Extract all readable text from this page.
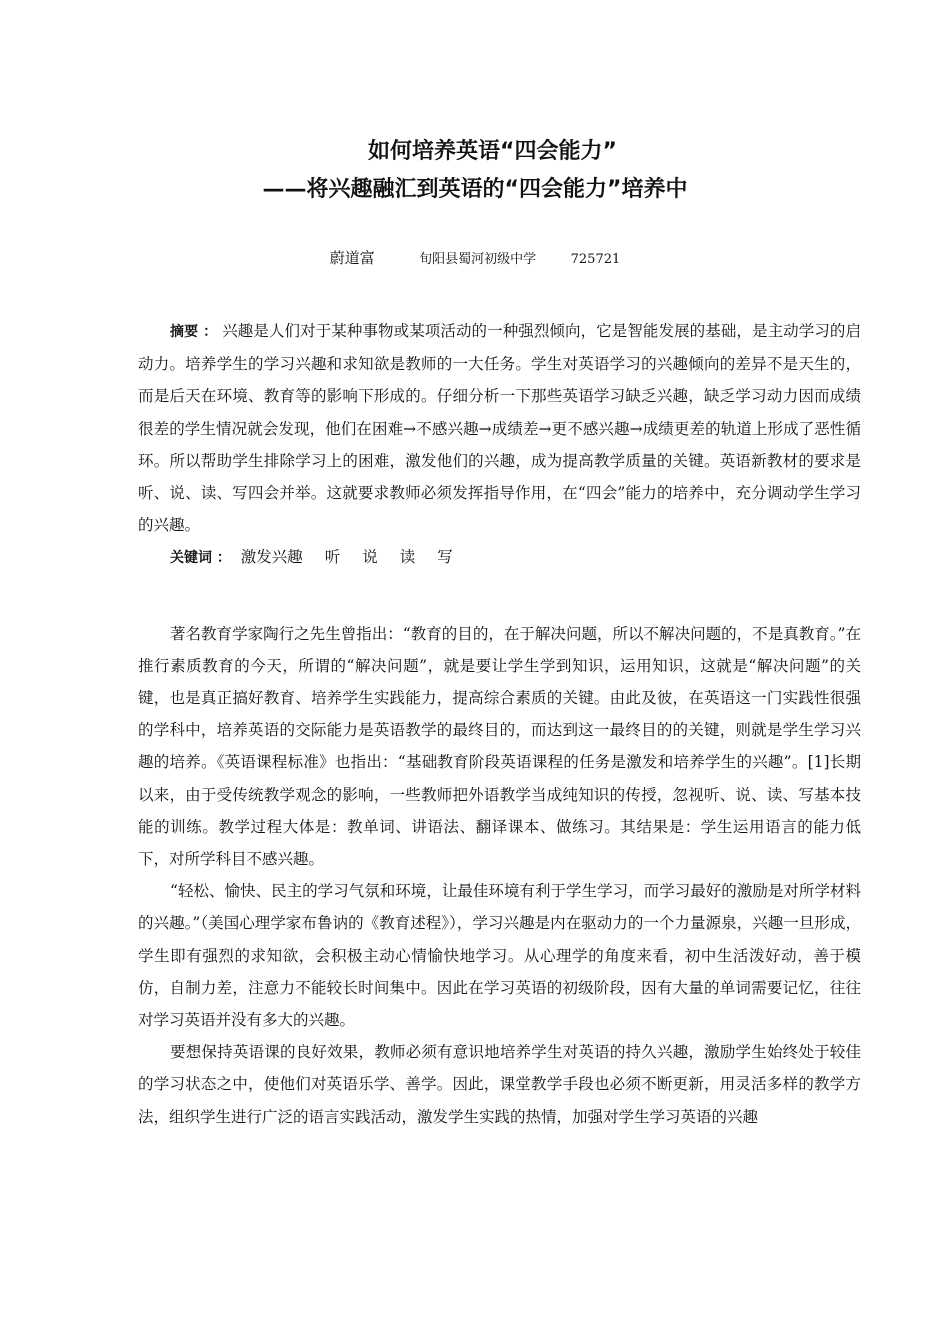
如何培养英语“四会能力”
——将兴趣融汇到英语的“四会能力”培养中
蔚道富	旬阳县蜀河初级中学	725721

摘要 ： 兴趣是人们对于某种事物或某项活动的一种强烈倾向，它是智能发展的基础，是主动学习的启动力。培养学生的学习兴趣和求知欲是教师的一大任务。学生对英语学习的兴趣倾向的差异不是天生的，而是后天在环境、教育等的影响下形成的。仔细分析一下那些英语学习缺乏兴趣，缺乏学习动力因而成绩很差的学生情况就会发现，他们在困难→不感兴趣→成绩差→更不感兴趣→成绩更差的轨道上形成了恶性循环。所以帮助学生排除学习上的困难，激发他们的兴趣，成为提高教学质量的关键。英语新教材的要求是听、说、读、写四会并举。这就要求教师必须发挥指导作用，在“四会”能力的培养中，充分调动学生学习的兴趣。

关键词 ： 激发兴趣 听 说 读 写

著名教育学家陶行之先生曾指出：“教育的目的，在于解决问题，所以不解决问题的，不是真教育。”在推行素质教育的今天，所谓的“解决问题”，就是要让学生学到知识，运用知识，这就是“解决问题”的关键，也是真正搞好教育、培养学生实践能力，提高综合素质的关键。由此及彼，在英语这一门实践性很强的学科中，培养英语的交际能力是英语教学的最终目的，而达到这一最终目的的关键，则就是学生学习兴趣的培养。《英语课程标准》也指出：“基础教育阶段英语课程的任务是激发和培养学生的兴趣”。[1]长期以来，由于受传统教学观念的影响，一些教师把外语教学当成纯知识的传授，忽视听、说、读、写基本技能的训练。教学过程大体是：教单词、讲语法、翻译课本、做练习。其结果是：学生运用语言的能力低下，对所学科目不感兴趣。

“轻松、愉快、民主的学习气氛和环境，让最佳环境有利于学生学习，而学习最好的激励是对所学材料的兴趣。”（美国心理学家布鲁讷的《教育述程》），学习兴趣是内在驱动力的一个力量源泉，兴趣一旦形成，学生即有强烈的求知欲，会积极主动心情愉快地学习。从心理学的角度来看，初中生活泼好动，善于模仿，自制力差，注意力不能较长时间集中。因此在学习英语的初级阶段，因有大量的单词需要记忆，往往对学习英语并没有多大的兴趣。

要想保持英语课的良好效果，教师必须有意识地培养学生对英语的持久兴趣，激励学生始终处于较佳的学习状态之中，使他们对英语乐学、善学。因此，课堂教学手段也必须不断更新，用灵活多样的教学方法，组织学生进行广泛的语言实践活动，激发学生实践的热情，加强对学生学习英语的兴趣
